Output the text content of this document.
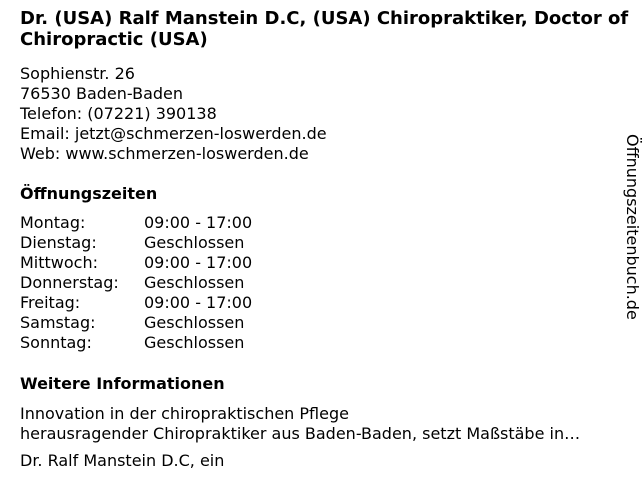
Dr. (USA) Ralf Manstein D.C, (USA) Chiropraktiker, Doctor of Chiropractic (USA)
Sophienstr. 26
76530 Baden-Baden
Telefon: (07221) 390138
Email: jetzt@schmerzen-loswerden.de
Web: www.schmerzen-loswerden.de
Öffnungszeiten
Montag:	09:00 - 17:00
Dienstag:	Geschlossen
Mittwoch:	09:00 - 17:00
Donnerstag:	Geschlossen
Freitag:	09:00 - 17:00
Samstag:	Geschlossen
Sonntag:	Geschlossen
Weitere Informationen
Innovation in der chiropraktischen Pflege
herausragender Chiropraktiker aus Baden-Baden, setzt Maßstäbe in…
Dr. Ralf Manstein D.C, ein
Öffnungszeitenbuch.de
